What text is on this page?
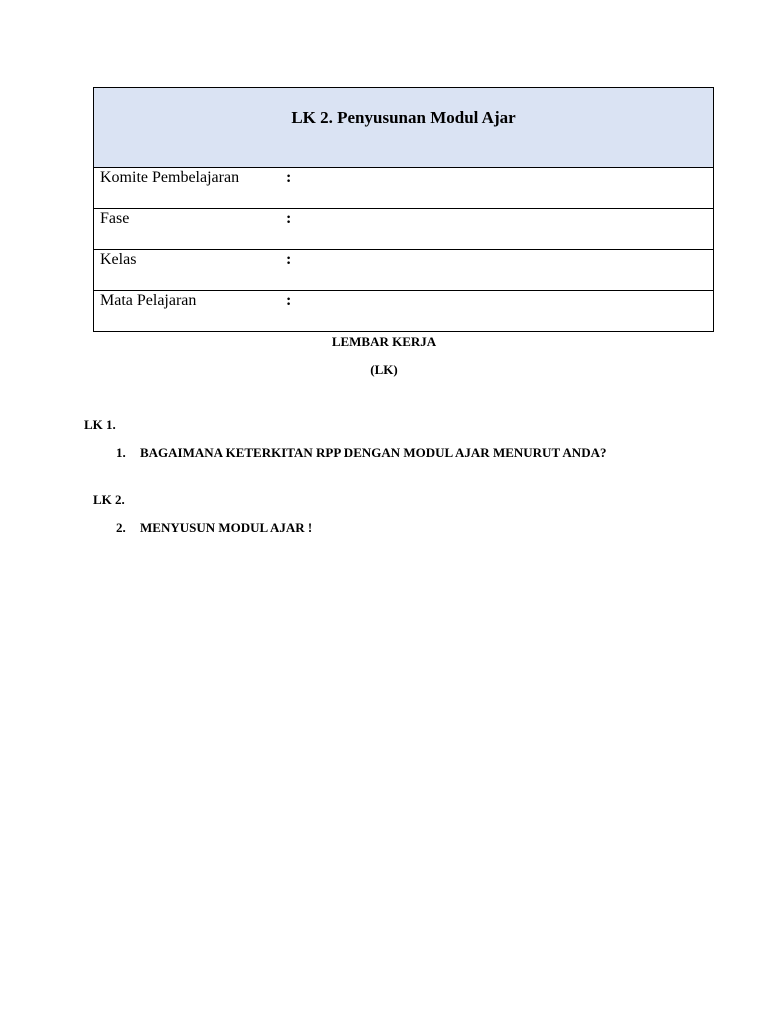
LK 2. Penyusunan Modul Ajar

Komite Pembelajaran	:

Fase	:

Kelas	:

Mata Pelajaran	:
LEMBAR KERJA
(LK)
LK 1.
1. BAGAIMANA KETERKITAN RPP DENGAN MODUL AJAR MENURUT ANDA?
LK 2.
2. MENYUSUN MODUL AJAR !
